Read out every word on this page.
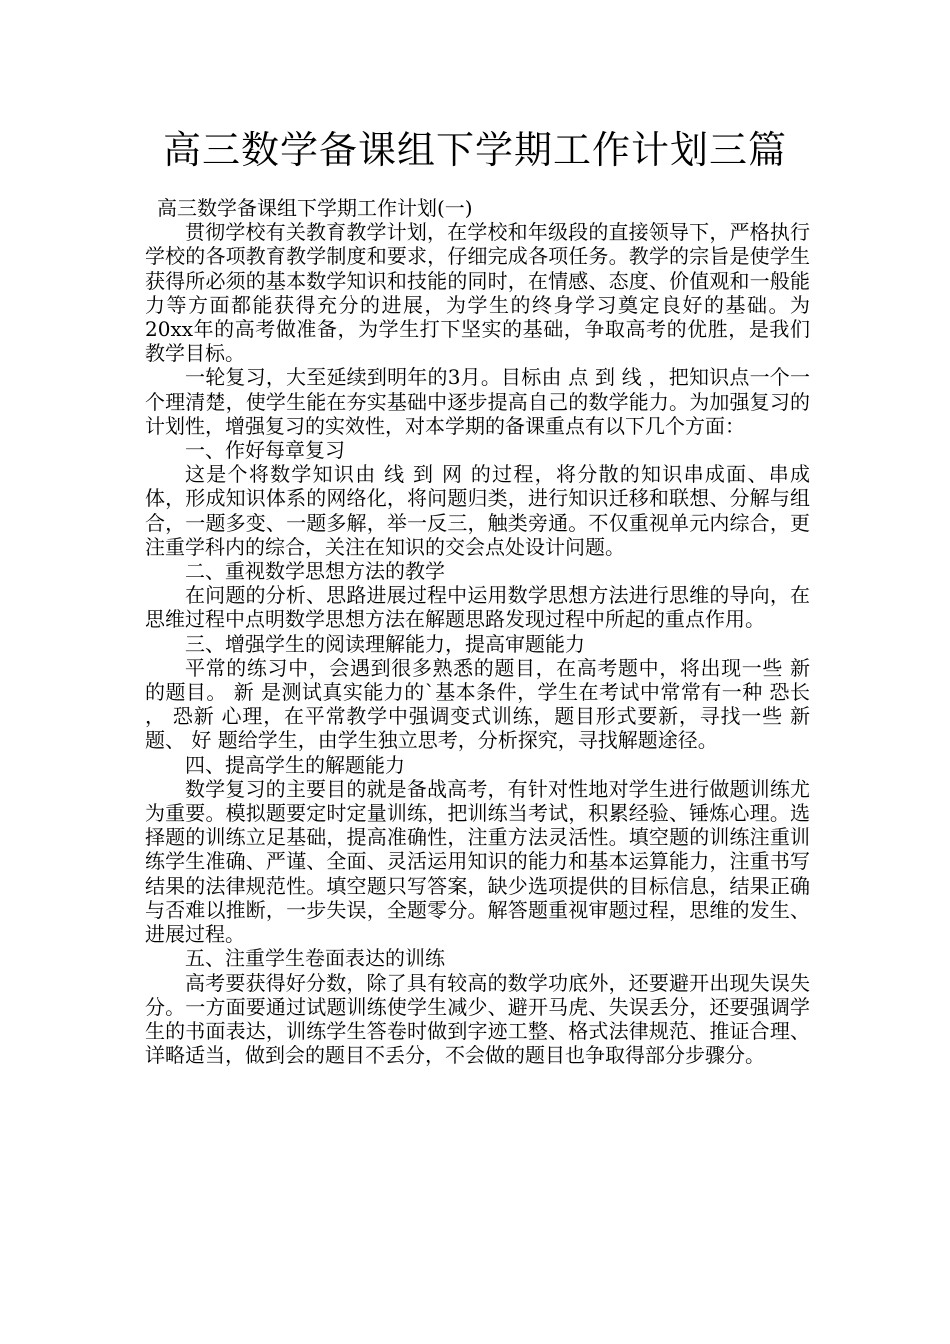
高三数学备课组下学期工作计划三篇

高三数学备课组下学期工作计划(一)

贯彻学校有关教育教学计划，在学校和年级段的直接领导下，严格执行学校的各项教育教学制度和要求，仔细完成各项任务。教学的宗旨是使学生获得所必须的基本数学知识和技能的同时，在情感、态度、价值观和一般能力等方面都能获得充分的进展，为学生的终身学习奠定良好的基础。为20xx年的高考做准备，为学生打下坚实的基础，争取高考的优胜，是我们教学目标。

一轮复习，大至延续到明年的3月。目标由 点 到 线 ，把知识点一个一个理清楚，使学生能在夯实基础中逐步提高自己的数学能力。为加强复习的计划性，增强复习的实效性，对本学期的备课重点有以下几个方面：

一、作好每章复习

这是个将数学知识由 线 到 网 的过程，将分散的知识串成面、串成体，形成知识体系的网络化，将问题归类，进行知识迁移和联想、分解与组合，一题多变、一题多解，举一反三，触类旁通。不仅重视单元内综合，更注重学科内的综合，关注在知识的交会点处设计问题。

二、重视数学思想方法的教学

在问题的分析、思路进展过程中运用数学思想方法进行思维的导向，在思维过程中点明数学思想方法在解题思路发现过程中所起的重点作用。

三、增强学生的阅读理解能力，提高审题能力

平常的练习中，会遇到很多熟悉的题目，在高考题中，将出现一些 新 的题目。 新 是测试真实能力的`基本条件，学生在考试中常常有一种 恐长 ， 恐新 心理，在平常教学中强调变式训练，题目形式要新，寻找一些 新 题、 好 题给学生，由学生独立思考，分析探究，寻找解题途径。

四、提高学生的解题能力

数学复习的主要目的就是备战高考，有针对性地对学生进行做题训练尤为重要。模拟题要定时定量训练，把训练当考试，积累经验、锤炼心理。选择题的训练立足基础，提高准确性，注重方法灵活性。填空题的训练注重训练学生准确、严谨、全面、灵活运用知识的能力和基本运算能力，注重书写结果的法律规范性。填空题只写答案，缺少选项提供的目标信息，结果正确与否难以推断，一步失误，全题零分。解答题重视审题过程，思维的发生、进展过程。

五、注重学生卷面表达的训练

高考要获得好分数，除了具有较高的数学功底外，还要避开出现失误失分。一方面要通过试题训练使学生减少、避开马虎、失误丢分，还要强调学生的书面表达，训练学生答卷时做到字迹工整、格式法律规范、推证合理、详略适当，做到会的题目不丢分，不会做的题目也争取得部分步骤分。
